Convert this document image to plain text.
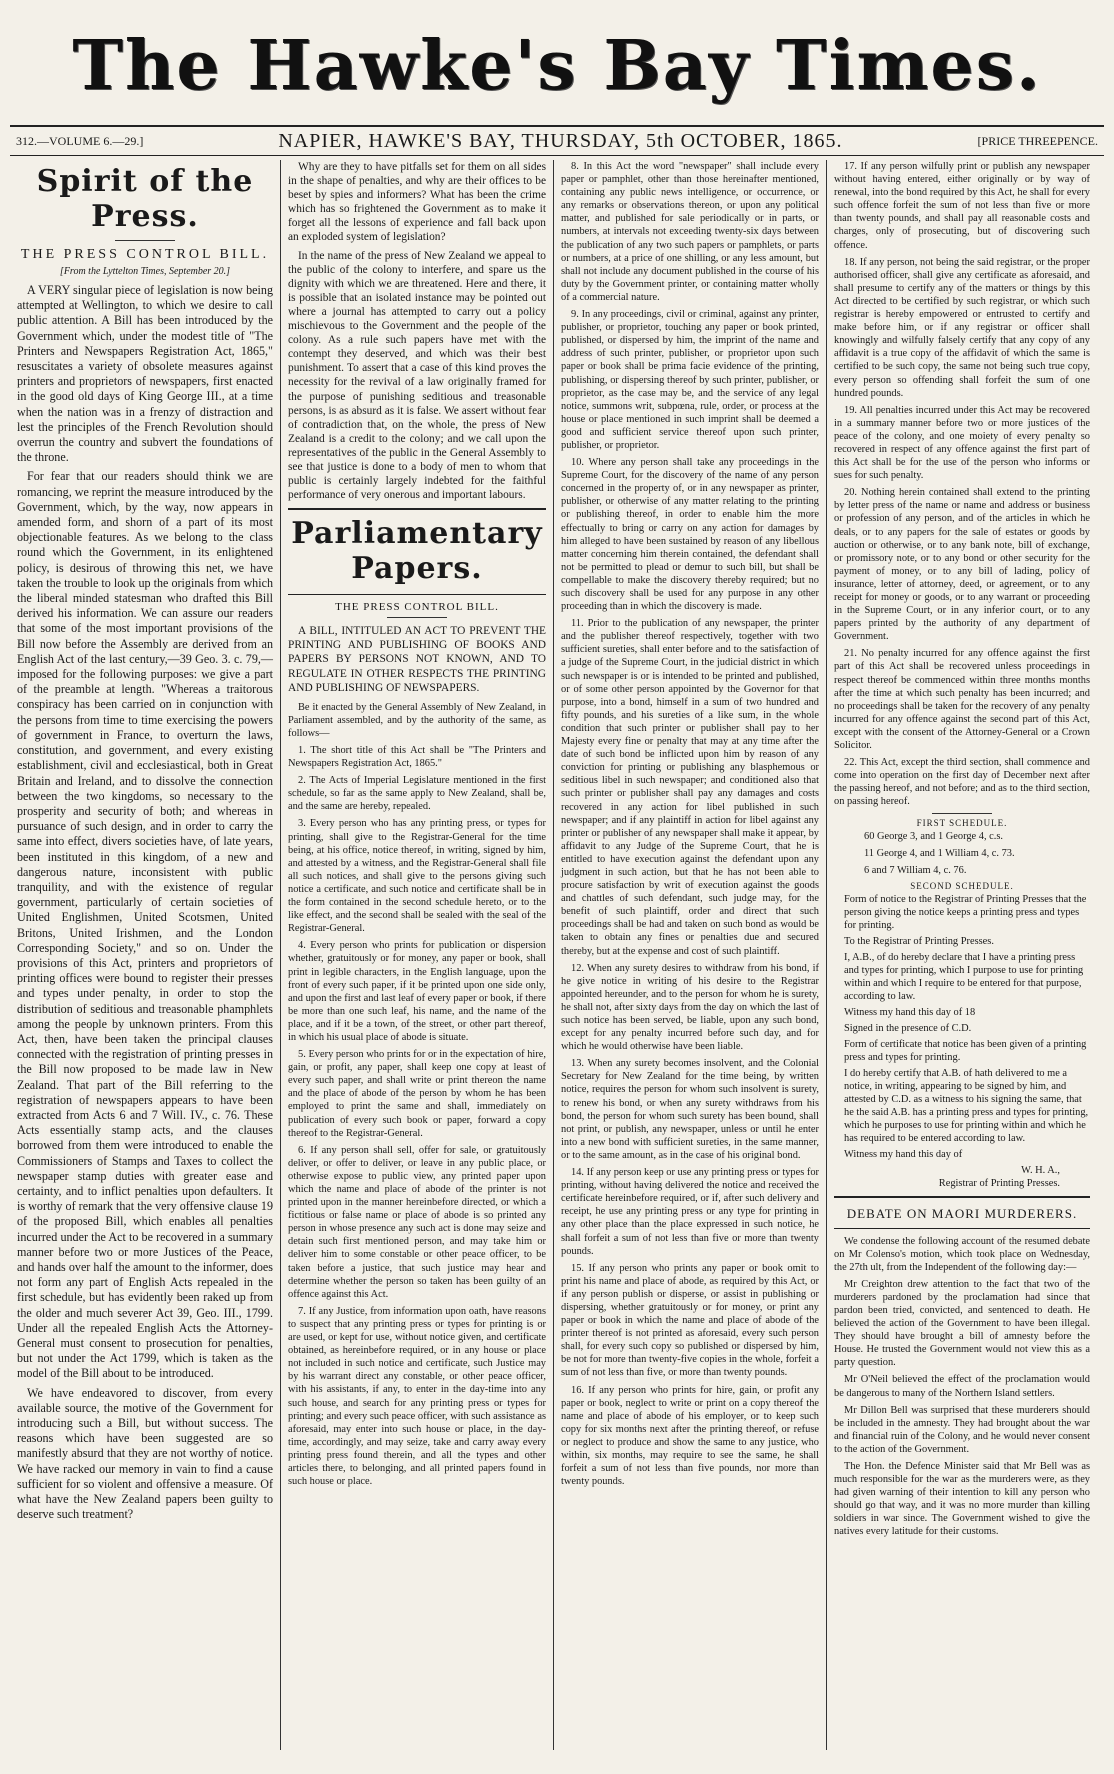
The Hawke's Bay Times.
312.—VOLUME 6.—29.]	NAPIER, HAWKE'S BAY, THURSDAY, 5th OCTOBER, 1865.	[PRICE THREEPENCE.
Spirit of the Press.
THE PRESS CONTROL BILL.
[From the Lyttelton Times, September 20.]

A VERY singular piece of legislation is now being attempted at Wellington, to which we desire to call public attention. A Bill has been introduced by the Government which, under the modest title of "The Printers and Newspapers Registration Act, 1865," resuscitates a variety of obsolete measures against printers and proprietors of newspapers, first enacted in the good old days of King George III., at a time when the nation was in a frenzy of distraction and lest the principles of the French Revolution should overrun the country and subvert the foundations of the throne.

For fear that our readers should think we are romancing, we reprint the measure introduced by the Government, which, by the way, now appears in amended form, and shorn of a part of its most objectionable features. As we belong to the class round which the Government, in its enlightened policy, is desirous of throwing this net, we have taken the trouble to look up the originals from which the liberal minded statesman who drafted this Bill derived his information. We can assure our readers that some of the most important provisions of the Bill now before the Assembly are derived from an English Act of the last century,—39 Geo. 3. c. 79,—imposed for the following purposes: we give a part of the preamble at length. "Whereas a traitorous conspiracy has been carried on in conjunction with the persons from time to time exercising the powers of government in France, to overturn the laws, constitution, and government, and every existing establishment, civil and ecclesiastical, both in Great Britain and Ireland, and to dissolve the connection between the two kingdoms, so necessary to the prosperity and security of both; and whereas in pursuance of such design, and in order to carry the same into effect, divers societies have, of late years, been instituted in this kingdom, of a new and dangerous nature, inconsistent with public tranquility, and with the existence of regular government, particularly of certain societies of United Englishmen, United Scotsmen, United Britons, United Irishmen, and the London Corresponding Society," and so on. Under the provisions of this Act, printers and proprietors of printing offices were bound to register their presses and types under penalty, in order to stop the distribution of seditious and treasonable phamphlets among the people by unknown printers. From this Act, then, have been taken the principal clauses connected with the registration of printing presses in the Bill now proposed to be made law in New Zealand. That part of the Bill referring to the registration of newspapers appears to have been extracted from Acts 6 and 7 Will. IV., c. 76. These Acts essentially stamp acts, and the clauses borrowed from them were introduced to enable the Commissioners of Stamps and Taxes to collect the newspaper stamp duties with greater ease and certainty, and to inflict penalties upon defaulters. It is worthy of remark that the very offensive clause 19 of the proposed Bill, which enables all penalties incurred under the Act to be recovered in a summary manner before two or more Justices of the Peace, and hands over half the amount to the informer, does not form any part of English Acts repealed in the first schedule, but has evidently been raked up from the older and much severer Act 39, Geo. III., 1799. Under all the repealed English Acts the Attorney-General must consent to prosecution for penalties, but not under the Act 1799, which is taken as the model of the Bill about to be introduced.

We have endeavored to discover, from every available source, the motive of the Government for introducing such a Bill, but without success. The reasons which have been suggested are so manifestly absurd that they are not worthy of notice. We have racked our memory in vain to find a cause sufficient for so violent and offensive a measure. Of what have the New Zealand papers been guilty to deserve such treatment?

Why are they to have pitfalls set for them on all sides in the shape of penalties, and why are their offices to be beset by spies and informers? What has been the crime which has so frightened the Government as to make it forget all the lessons of experience and fall back upon an exploded system of legislation?

In the name of the press of New Zealand we appeal to the public of the colony to interfere, and spare us the dignity with which we are threatened. Here and there, it is possible that an isolated instance may be pointed out where a journal has attempted to carry out a policy mischievous to the Government and the people of the colony. As a rule such papers have met with the contempt they deserved, and which was their best punishment. To assert that a case of this kind proves the necessity for the revival of a law originally framed for the purpose of punishing seditious and treasonable persons, is as absurd as it is false. We assert without fear of contradiction that, on the whole, the press of New Zealand is a credit to the colony; and we call upon the representatives of the public in the General Assembly to see that justice is done to a body of men to whom that public is certainly largely indebted for the faithful performance of very onerous and important labours.

Parliamentary Papers.
THE PRESS CONTROL BILL.

A BILL, INTITULED AN ACT TO PREVENT THE PRINTING AND PUBLISHING OF BOOKS AND PAPERS BY PERSONS NOT KNOWN, AND TO REGULATE IN OTHER RESPECTS THE PRINTING AND PUBLISHING OF NEWSPAPERS.

Be it enacted by the General Assembly of New Zealand, in Parliament assembled, and by the authority of the same, as follows—

1. The short title of this Act shall be "The Printers and Newspapers Registration Act, 1865."

2. The Acts of Imperial Legislature mentioned in the first schedule, so far as the same apply to New Zealand, shall be, and the same are hereby, repealed.

3. Every person who has any printing press, or types for printing, shall give to the Registrar-General for the time being, at his office, notice thereof, in writing, signed by him, and attested by a witness, and the Registrar-General shall file all such notices, and shall give to the persons giving such notice a certificate, and such notice and certificate shall be in the form contained in the second schedule hereto, or to the like effect, and the second shall be sealed with the seal of the Registrar-General.

4. Every person who prints for publication or dispersion whether, gratuitously or for money, any paper or book, shall print in legible characters, in the English language, upon the front of every such paper, if it be printed upon one side only, and upon the first and last leaf of every paper or book, if there be more than one such leaf, his name, and the name of the place, and if it be a town, of the street, or other part thereof, in which his usual place of abode is situate.

5. Every person who prints for or in the expectation of hire, gain, or profit, any paper, shall keep one copy at least of every such paper, and shall write or print thereon the name and the place of abode of the person by whom he has been employed to print the same and shall, immediately on publication of every such book or paper, forward a copy thereof to the Registrar-General.

6. If any person shall sell, offer for sale, or gratuitously deliver, or offer to deliver, or leave in any public place, or otherwise expose to public view, any printed paper upon which the name and place of abode of the printer is not printed upon in the manner hereinbefore directed, or which a fictitious or false name or place of abode is so printed any person in whose presence any such act is done may seize and detain such first mentioned person, and may take him or deliver him to some constable or other peace officer, to be taken before a justice, that such justice may hear and determine whether the person so taken has been guilty of an offence against this Act.

7. If any Justice, from information upon oath, have reasons to suspect that any printing press or types for printing is or are used, or kept for use, without notice given, and certificate obtained, as hereinbefore required, or in any house or place not included in such notice and certificate, such Justice may by his warrant direct any constable, or other peace officer, with his assistants, if any, to enter in the day-time into any such house, and search for any printing press or types for printing; and every such peace officer, with such assistance as aforesaid, may enter into such house or place, in the day-time, accordingly, and may seize, take and carry away every printing press found therein, and all the types and other articles there, to belonging, and all printed papers found in such house or place.

8. In this Act the word "newspaper" shall include every paper or pamphlet, other than those hereinafter mentioned, containing any public news intelligence, or occurrence, or any remarks or observations thereon, or upon any political matter, and published for sale periodically or in parts, or numbers, at intervals not exceeding twenty-six days between the publication of any two such papers or pamphlets, or parts or numbers, at a price of one shilling, or any less amount, but shall not include any document published in the course of his duty by the Government printer, or containing matter wholly of a commercial nature.

9. In any proceedings, civil or criminal, against any printer, publisher, or proprietor, touching any paper or book printed, published, or dispersed by him, the imprint of the name and address of such printer, publisher, or proprietor upon such paper or book shall be prima facie evidence of the printing, publishing, or dispersing thereof by such printer, publisher, or proprietor, as the case may be, and the service of any legal notice, summons writ, subpœna, rule, order, or process at the house or place mentioned in such imprint shall be deemed a good and sufficient service thereof upon such printer, publisher, or proprietor.

10. Where any person shall take any proceedings in the Supreme Court, for the discovery of the name of any person concerned in the property of, or in any newspaper as printer, publisher, or otherwise of any matter relating to the printing or publishing thereof, in order to enable him the more effectually to bring or carry on any action for damages by him alleged to have been sustained by reason of any libellous matter concerning him therein contained, the defendant shall not be permitted to plead or demur to such bill, but shall be compellable to make the discovery thereby required; but no such discovery shall be used for any purpose in any other proceeding than in which the discovery is made.

11. Prior to the publication of any newspaper, the printer and the publisher thereof respectively, together with two sufficient sureties, shall enter before and to the satisfaction of a judge of the Supreme Court, in the judicial district in which such newspaper is or is intended to be printed and published, or of some other person appointed by the Governor for that purpose, into a bond, himself in a sum of two hundred and fifty pounds, and his sureties of a like sum, in the whole condition that such printer or publisher shall pay to her Majesty every fine or penalty that may at any time after the date of such bond be inflicted upon him by reason of any conviction for printing or publishing any blasphemous or seditious libel in such newspaper; and conditioned also that such printer or publisher shall pay any damages and costs recovered in any action for libel published in such newspaper; and if any plaintiff in action for libel against any printer or publisher of any newspaper shall make it appear, by affidavit to any Judge of the Supreme Court, that he is entitled to have execution against the defendant upon any judgment in such action, but that he has not been able to procure satisfaction by writ of execution against the goods and chattles of such defendant, such judge may, for the benefit of such plaintiff, order and direct that such proceedings shall be had and taken on such bond as would be taken to obtain any fines or penalties due and secured thereby, but at the expense and cost of such plaintiff.

12. When any surety desires to withdraw from his bond, if he give notice in writing of his desire to the Registrar appointed hereunder, and to the person for whom he is surety, he shall not, after sixty days from the day on which the last of such notice has been served, be liable, upon any such bond, except for any penalty incurred before such day, and for which he would otherwise have been liable.

13. When any surety becomes insolvent, and the Colonial Secretary for New Zealand for the time being, by written notice, requires the person for whom such insolvent is surety, to renew his bond, or when any surety withdraws from his bond, the person for whom such surety has been bound, shall not print, or publish, any newspaper, unless or until he enter into a new bond with sufficient sureties, in the same manner, or to the same amount, as in the case of his original bond.

14. If any person keep or use any printing press or types for printing, without having delivered the notice and received the certificate hereinbefore required, or if, after such delivery and receipt, he use any printing press or any type for printing in any other place than the place expressed in such notice, he shall forfeit a sum of not less than five or more than twenty pounds.

15. If any person who prints any paper or book omit to print his name and place of abode, as required by this Act, or if any person publish or disperse, or assist in publishing or dispersing, whether gratuitously or for money, or print any paper or book in which the name and place of abode of the printer thereof is not printed as aforesaid, every such person shall, for every such copy so published or dispersed by him, be not for more than twenty-five copies in the whole, forfeit a sum of not less than five, or more than twenty pounds.

16. If any person who prints for hire, gain, or profit any paper or book, neglect to write or print on a copy thereof the name and place of abode of his employer, or to keep such copy for six months next after the printing thereof, or refuse or neglect to produce and show the same to any justice, who within, six months, may require to see the same, he shall forfeit a sum of not less than five pounds, nor more than twenty pounds.

17. If any person wilfully print or publish any newspaper without having entered, either originally or by way of renewal, into the bond required by this Act, he shall for every such offence forfeit the sum of not less than five or more than twenty pounds, and shall pay all reasonable costs and charges, only of prosecuting, but of discovering such offence.

18. If any person, not being the said registrar, or the proper authorised officer, shall give any certificate as aforesaid, and shall presume to certify any of the matters or things by this Act directed to be certified by such registrar, or which such registrar is hereby empowered or entrusted to certify and make before him, or if any registrar or officer shall knowingly and wilfully falsely certify that any copy of any affidavit is a true copy of the affidavit of which the same is certified to be such copy, the same not being such true copy, every person so offending shall forfeit the sum of one hundred pounds.

19. All penalties incurred under this Act may be recovered in a summary manner before two or more justices of the peace of the colony, and one moiety of every penalty so recovered in respect of any offence against the first part of this Act shall be for the use of the person who informs or sues for such penalty.

20. Nothing herein contained shall extend to the printing by letter press of the name or name and address or business or profession of any person, and of the articles in which he deals, or to any papers for the sale of estates or goods by auction or otherwise, or to any bank note, bill of exchange, or promissory note, or to any bond or other security for the payment of money, or to any bill of lading, policy of insurance, letter of attorney, deed, or agreement, or to any receipt for money or goods, or to any warrant or proceeding in the Supreme Court, or in any inferior court, or to any papers printed by the authority of any department of Government.

21. No penalty incurred for any offence against the first part of this Act shall be recovered unless proceedings in respect thereof be commenced within three months months after the time at which such penalty has been incurred; and no proceedings shall be taken for the recovery of any penalty incurred for any offence against the second part of this Act, except with the consent of the Attorney-General or a Crown Solicitor.

22. This Act, except the third section, shall commence and come into operation on the first day of December next after the passing hereof, and not before; and as to the third section, on passing hereof.

FIRST SCHEDULE.
60 George 3, and 1 George 4, c.s.
11 George 4, and 1 William 4, c. 73.
6 and 7 William 4, c. 76.
SECOND SCHEDULE.
Form of notice to the Registrar of Printing Presses that the person giving the notice keeps a printing press and types for printing.
To the Registrar of Printing Presses.
I, A.B., of do hereby declare that I have a printing press and types for printing, which I purpose to use for printing within and which I require to be entered for that purpose, according to law.
Witness my hand this day of 18
Signed in the presence of C.D.
Form of certificate that notice has been given of a printing press and types for printing.
I do hereby certify that A.B. of hath delivered to me a notice, in writing, appearing to be signed by him, and attested by C.D. as a witness to his signing the same, that he the said A.B. has a printing press and types for printing, which he purposes to use for printing within and which he has required to be entered according to law.
Witness my hand this day of
W. H. A.,
Registrar of Printing Presses.
DEBATE ON MAORI MURDERERS.

We condense the following account of the resumed debate on Mr Colenso's motion, which took place on Wednesday, the 27th ult, from the Independent of the following day:—

Mr Creighton drew attention to the fact that two of the murderers pardoned by the proclamation had since that pardon been tried, convicted, and sentenced to death. He believed the action of the Government to have been illegal. They should have brought a bill of amnesty before the House. He trusted the Government would not view this as a party question.

Mr O'Neil believed the effect of the proclamation would be dangerous to many of the Northern Island settlers.

Mr Dillon Bell was surprised that these murderers should be included in the amnesty. They had brought about the war and financial ruin of the Colony, and he would never consent to the action of the Government.

The Hon. the Defence Minister said that Mr Bell was as much responsible for the war as the murderers were, as they had given warning of their intention to kill any person who should go that way, and it was no more murder than killing soldiers in war since. The Government wished to give the natives every latitude for their customs.
